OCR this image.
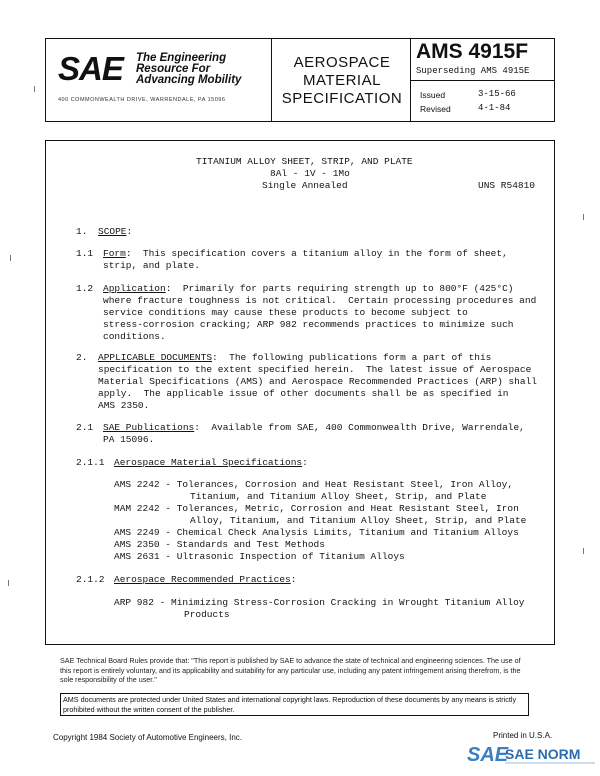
SAE	The Engineering
Resource For
Advancing Mobility
400 COMMONWEALTH DRIVE, WARRENDALE, PA 15096
AEROSPACE
MATERIAL
SPECIFICATION
AMS 4915F
Superseding AMS 4915E
Issued	3-15-66
Revised	4-1-84
TITANIUM ALLOY SHEET, STRIP, AND PLATE
8Al - 1V - 1Mo
Single Annealed	UNS R54810
1. SCOPE:
1.1 Form:  This specification covers a titanium alloy in the form of sheet,
strip, and plate.
1.2 Application:  Primarily for parts requiring strength up to 800°F (425°C)
where fracture toughness is not critical.  Certain processing procedures and
service conditions may cause these products to become subject to
stress-corrosion cracking; ARP 982 recommends practices to minimize such
conditions.
2. APPLICABLE DOCUMENTS:  The following publications form a part of this
specification to the extent specified herein.  The latest issue of Aerospace
Material Specifications (AMS) and Aerospace Recommended Practices (ARP) shall
apply.  The applicable issue of other documents shall be as specified in
AMS 2350.
2.1 SAE Publications:  Available from SAE, 400 Commonwealth Drive, Warrendale,
PA 15096.
2.1.1 Aerospace Material Specifications:
AMS 2242 - Tolerances, Corrosion and Heat Resistant Steel, Iron Alloy,
Titanium, and Titanium Alloy Sheet, Strip, and Plate
MAM 2242 - Tolerances, Metric, Corrosion and Heat Resistant Steel, Iron
Alloy, Titanium, and Titanium Alloy Sheet, Strip, and Plate
AMS 2249 - Chemical Check Analysis Limits, Titanium and Titanium Alloys
AMS 2350 - Standards and Test Methods
AMS 2631 - Ultrasonic Inspection of Titanium Alloys
2.1.2 Aerospace Recommended Practices:
ARP 982 - Minimizing Stress-Corrosion Cracking in Wrought Titanium Alloy
Products
SAE Technical Board Rules provide that: "This report is published by SAE to advance the state of technical and engineering sciences. The use of this report is entirely voluntary, and its applicability and suitability for any particular use, including any patent infringement arising therefrom, is the sole responsibility of the user."
AMS documents are protected under United States and international copyright laws. Reproduction of these documents by any means is strictly prohibited without the written consent of the publisher.
Copyright 1984 Society of Automotive Engineers, Inc.	Printed in U.S.A.
SAE
SAE NORM
